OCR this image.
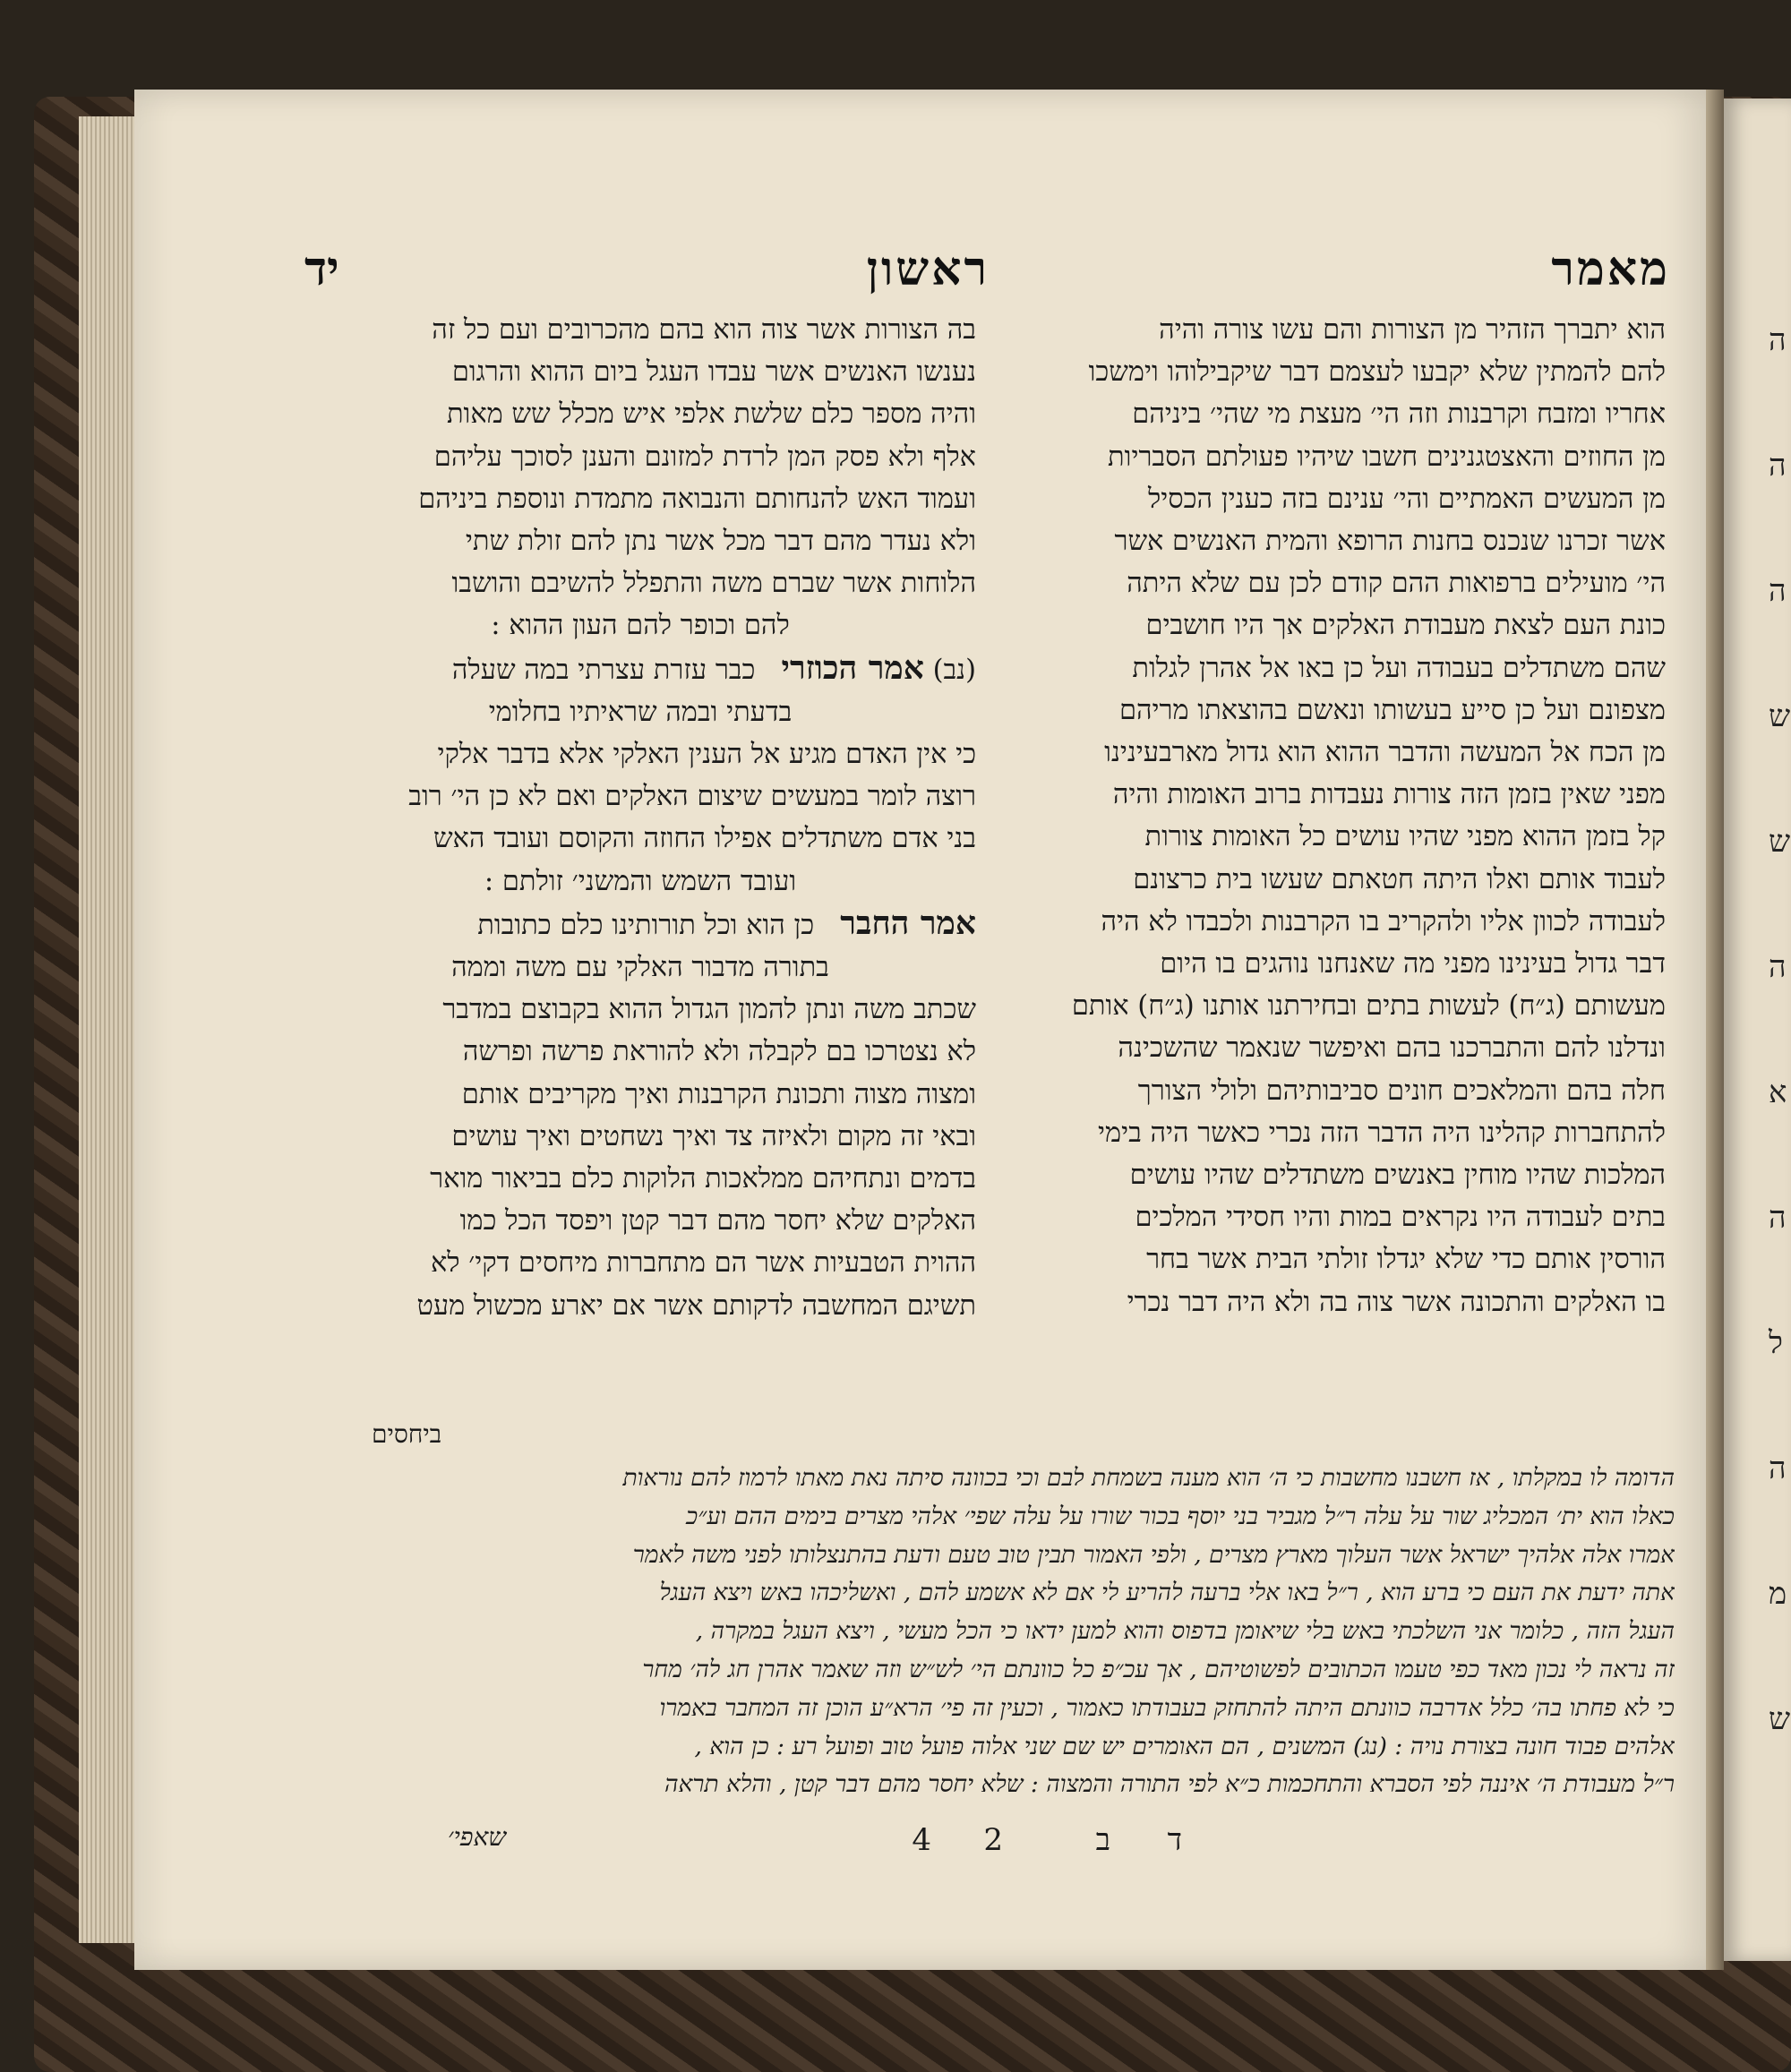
ה
ה
ה
ש
ש
ה
א
ה
ל
ה
מ
ש
מאמר
ראשון
יד

הוא יתברך הזהיר מן הצורות והם עשו צורה והיה

להם להמתין שלא יקבעו לעצמם דבר שיקבילוהו וימשכו

אחריו ומזבח וקרבנות וזה הי׳ מעצת מי שהי׳ ביניהם

מן החוזים והאצטגנינים חשבו שיהיו פעולתם הסבריות

מן המעשים האמתיים והי׳ ענינם בזה כענין הכסיל

אשר זכרנו שנכנס בחנות הרופא והמית האנשים אשר

הי׳ מועילים ברפואות ההם קודם לכן עם שלא היתה

כונת העם לצאת מעבודת האלקים אך היו חושבים

שהם משתדלים בעבודה ועל כן באו אל אהרן לגלות

מצפונם ועל כן סייע בעשותו ונאשם בהוצאתו מריהם

מן הכח אל המעשה והדבר ההוא הוא גדול מארבעינינו

מפני שאין בזמן הזה צורות נעבדות ברוב האומות והיה

קל בזמן ההוא מפני שהיו עושים כל האומות צורות

לעבוד אותם ואלו היתה חטאתם שעשו בית כרצונם

לעבודה לכוון אליו ולהקריב בו הקרבנות ולכבדו לא היה

דבר גדול בעינינו מפני מה שאנחנו נוהגים בו היום

מעשותם (ג״ח) לעשות בתים ובחירתנו אותנו (ג״ח) אותם

ונדלנו להם והתברכנו בהם ואיפשר שנאמר שהשכינה

חלה בהם והמלאכים חונים סביבותיהם ולולי הצורך

להתחברות קהלינו היה הדבר הזה נכרי כאשר היה בימי

המלכות שהיו מוחין באנשים משתדלים שהיו עושים

בתים לעבודה היו נקראים במות והיו חסידי המלכים

הורסין אותם כדי שלא יגדלו זולתי הבית אשר בחר

בו האלקים והתכונה אשר צוה בה ולא היה דבר נכרי

בה הצורות אשר צוה הוא בהם מהכרובים ועם כל זה

נענשו האנשים אשר עבדו העגל ביום ההוא והרגום

והיה מספר כלם שלשת אלפי איש מכלל שש מאות

אלף ולא פסק המן לרדת למזונם והענן לסוכך עליהם

ועמוד האש להנחותם והנבואה מתמדת ונוספת ביניהם

ולא נעדר מהם דבר מכל אשר נתן להם זולת שתי

הלוחות אשר שברם משה והתפלל להשיבם והושבו

להם וכופר להם העון ההוא :

(נב) אמר הכוזרי   כבר עזרת עצרתי במה שעלה

בדעתי ובמה שראיתיו בחלומי

כי אין האדם מגיע אל הענין האלקי אלא בדבר אלקי

רוצה לומר במעשים שיצום האלקים ואם לא כן הי׳ רוב

בני אדם משתדלים אפילו החוזה והקוסם ועובד האש

ועובד השמש והמשני׳ זולתם :

אמר החבר   כן הוא וכל תורותינו כלם כתובות

בתורה מדבור האלקי עם משה וממה

שכתב משה ונתן להמון הגדול ההוא בקבוצם במדבר

לא נצטרכו בם לקבלה ולא להוראת פרשה ופרשה

ומצוה מצוה ותכונת הקרבנות ואיך מקריבים אותם

ובאי זה מקום ולאיזה צד ואיך נשחטים ואיך עושים

בדמים ונתחיהם ממלאכות הלוקות כלם בביאור מואר

האלקים שלא יחסר מהם דבר קטן ויפסד הכל כמו

ההוית הטבעיות אשר הם מתחברות מיחסים דקי׳ לא

תשיגם המחשבה לדקותם אשר אם יארע מכשול מעט

ביחסים

הדומה לו במקלתו , אז חשבנו מחשבות כי ה׳ הוא מענה בשמחת לבם וכי בכוונה סיתה נאת מאתו לרמוז להם נוראות

כאלו הוא ית׳ המכליג שור על עלה ר״ל מגביר בני יוסף בכור שורו על עלה שפי׳ אלהי מצרים בימים ההם וע״כ

אמרו אלה אלהיך ישראל אשר העלוך מארץ מצרים , ולפי האמור תבין טוב טעם ודעת בהתנצלותו לפני משה לאמר

אתה ידעת את העם כי ברע הוא , ר״ל באו אלי ברעה להריע לי אם לא אשמע להם , ואשליכהו באש ויצא העגל

העגל הזה , כלומר אני השלכתי באש בלי שיאומן בדפוס והוא למען ידאו כי הכל מעשי , ויצא העגל במקרה ,

זה נראה לי נכון מאד כפי טעמו הכתובים לפשוטיהם , אך עכ״פ כל כוונתם הי׳ לש״ש וזה שאמר אהרן חג לה׳ מחר

כי לא פחתו בה׳ כלל אדרבה כוונתם היתה להתחזק בעבודתו כאמור , וכעין זה פי׳ הרא״ע הוכן זה המחבר באמרו

אלהים פבוד חונה בצורת נויה : (נג) המשנים , הם האומרים יש שם שני אלוה פועל טוב ופועל רע : כן הוא ,

ר״ל מעבודת ה׳ איננה לפי הסברא והתחכמות כ״א לפי התורה והמצוה : שלא יחסר מהם דבר קטן , והלא תראה

ד
ב
2
4
שאפי׳
